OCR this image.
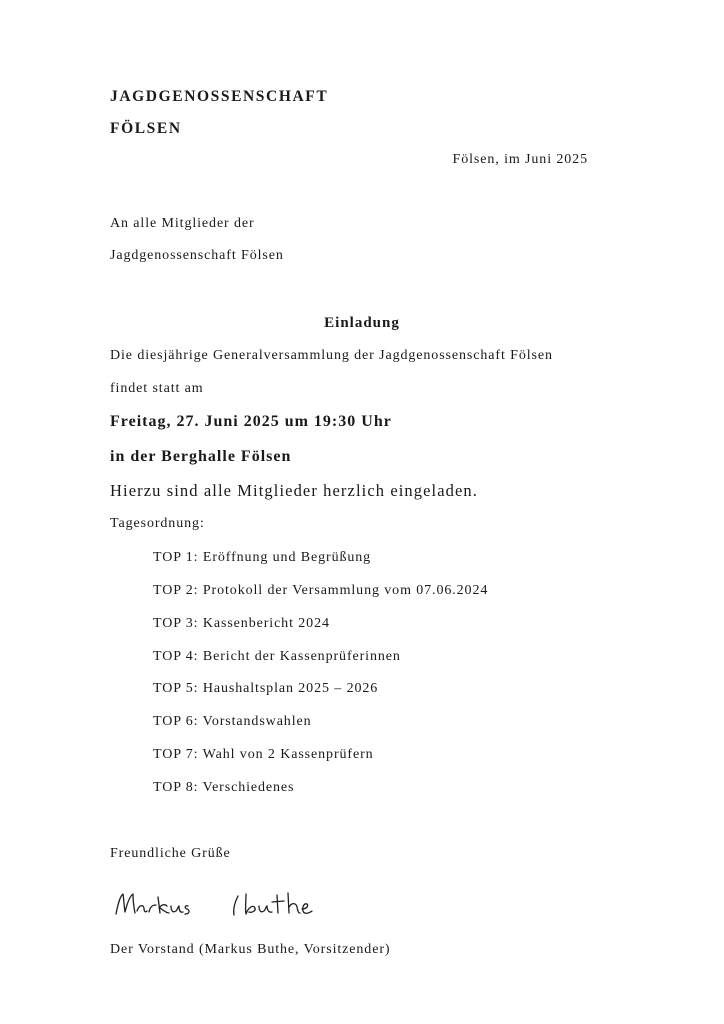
JAGDGENOSSENSCHAFT
FÖLSEN
Fölsen, im Juni 2025
An alle Mitglieder der
Jagdgenossenschaft Fölsen
Einladung
Die diesjährige Generalversammlung der Jagdgenossenschaft Fölsen
findet statt am
Freitag, 27. Juni 2025 um 19:30 Uhr
in der Berghalle Fölsen
Hierzu sind alle Mitglieder herzlich eingeladen.
Tagesordnung:
TOP 1: Eröffnung und Begrüßung
TOP 2: Protokoll der Versammlung vom 07.06.2024
TOP 3: Kassenbericht 2024
TOP 4: Bericht der Kassenprüferinnen
TOP 5: Haushaltsplan 2025 – 2026
TOP 6: Vorstandswahlen
TOP 7: Wahl von 2 Kassenprüfern
TOP 8: Verschiedenes
Freundliche Grüße
Der Vorstand (Markus Buthe, Vorsitzender)
